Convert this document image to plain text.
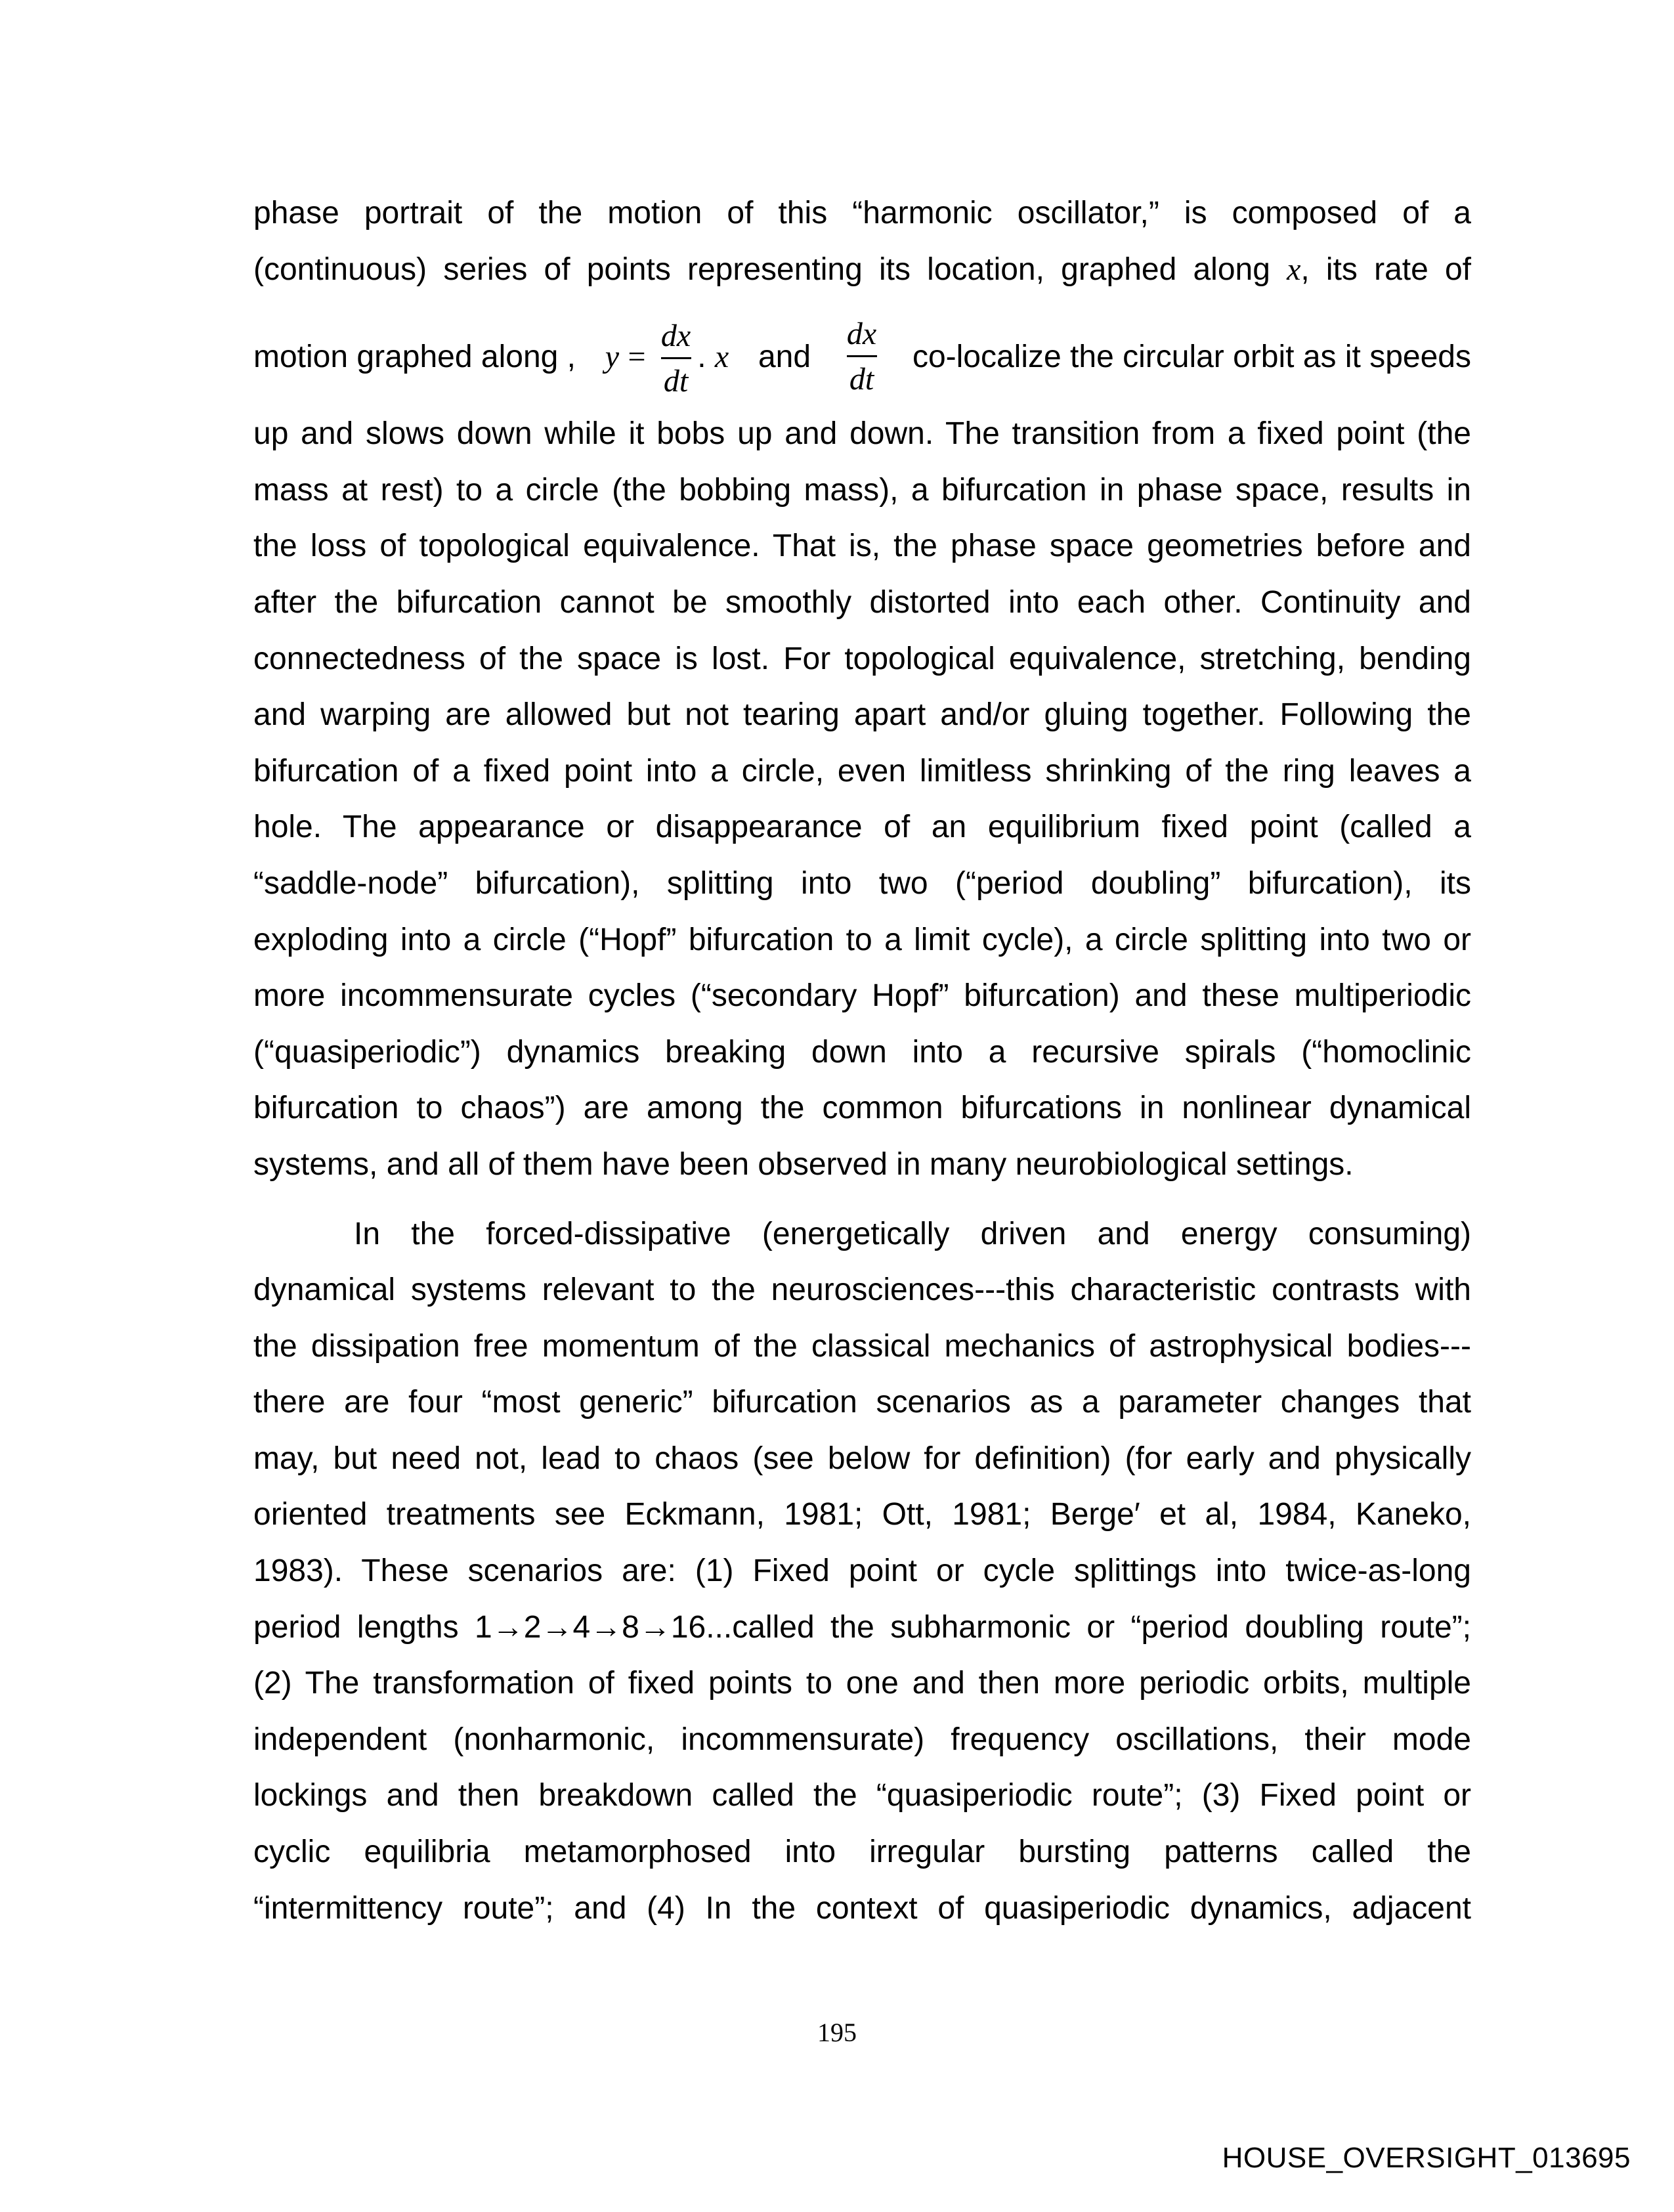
phase portrait of the motion of this “harmonic oscillator,” is composed of a
(continuous) series of points representing its location, graphed along x, its rate of
motion graphed along , $y = \frac{dx}{dt}$ . x and $\frac{dx}{dt}$ co-localize the circular orbit as it speeds
up and slows down while it bobs up and down. The transition from a fixed point (the
mass at rest) to a circle (the bobbing mass), a bifurcation in phase space, results in
the loss of topological equivalence. That is, the phase space geometries before and
after the bifurcation cannot be smoothly distorted into each other. Continuity and
connectedness of the space is lost. For topological equivalence, stretching, bending
and warping are allowed but not tearing apart and/or gluing together. Following the
bifurcation of a fixed point into a circle, even limitless shrinking of the ring leaves a
hole. The appearance or disappearance of an equilibrium fixed point (called a
“saddle-node” bifurcation), splitting into two (“period doubling” bifurcation), its
exploding into a circle (“Hopf” bifurcation to a limit cycle), a circle splitting into two or
more incommensurate cycles (“secondary Hopf” bifurcation) and these multiperiodic
(“quasiperiodic”) dynamics breaking down into a recursive spirals (“homoclinic
bifurcation to chaos”) are among the common bifurcations in nonlinear dynamical
systems, and all of them have been observed in many neurobiological settings.
In the forced-dissipative (energetically driven and energy consuming)
dynamical systems relevant to the neurosciences---this characteristic contrasts with
the dissipation free momentum of the classical mechanics of astrophysical bodies---
there are four “most generic” bifurcation scenarios as a parameter changes that
may, but need not, lead to chaos (see below for definition) (for early and physically
oriented treatments see Eckmann, 1981; Ott, 1981; Berge′ et al, 1984, Kaneko,
1983). These scenarios are: (1) Fixed point or cycle splittings into twice-as-long
period lengths 1→2→4→8→16...called the subharmonic or “period doubling route”;
(2) The transformation of fixed points to one and then more periodic orbits, multiple
independent (nonharmonic, incommensurate) frequency oscillations, their mode
lockings and then breakdown called the “quasiperiodic route”; (3) Fixed point or
cyclic equilibria metamorphosed into irregular bursting patterns called the
“intermittency route”; and (4) In the context of quasiperiodic dynamics, adjacent
195
HOUSE_OVERSIGHT_013695
